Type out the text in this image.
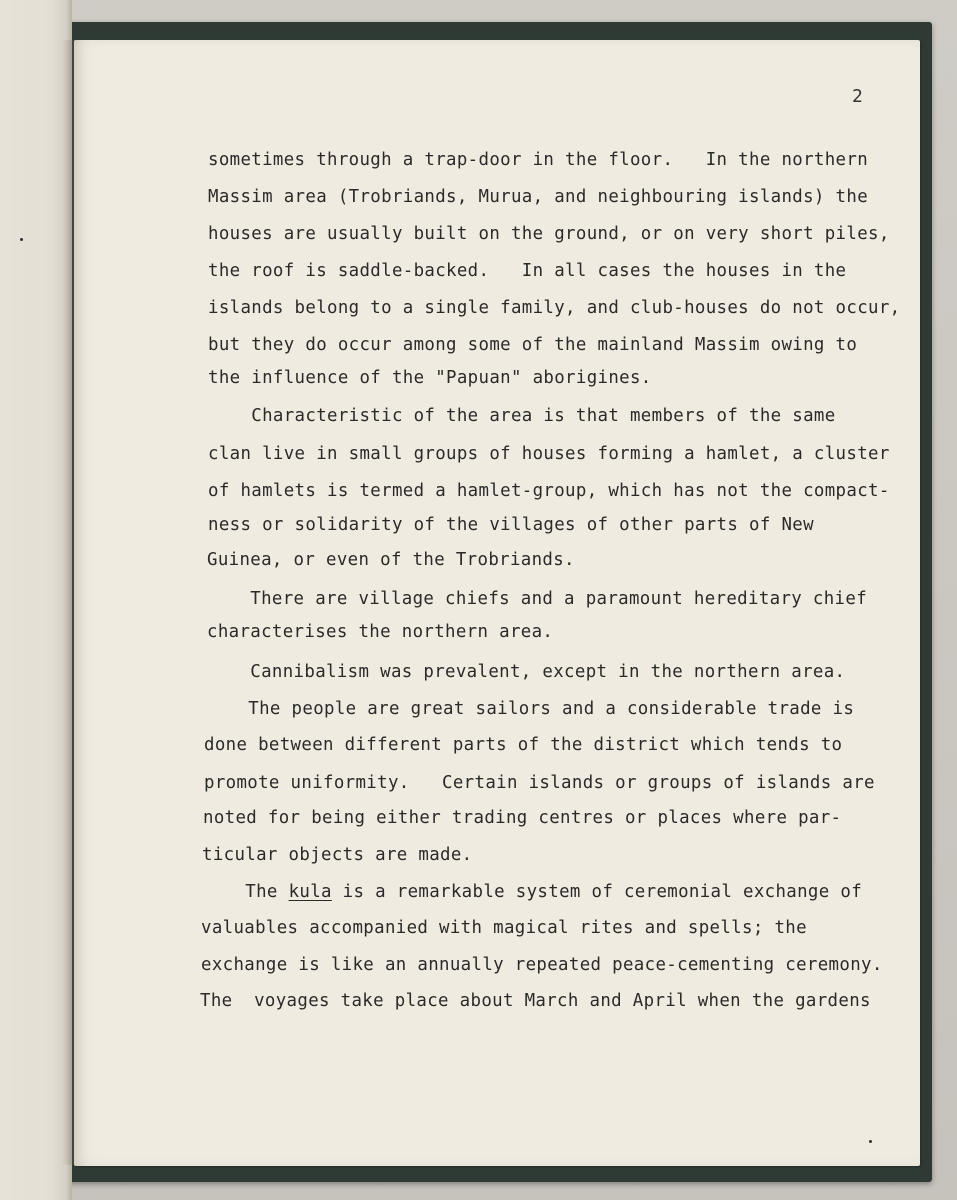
2
sometimes through a trap-door in the floor.   In the northern
Massim area (Trobriands, Murua, and neighbouring islands) the
houses are usually built on the ground, or on very short piles,
the roof is saddle-backed.   In all cases the houses in the
islands belong to a single family, and club-houses do not occur,
but they do occur among some of the mainland Massim owing to
the influence of the "Papuan" aborigines.
Characteristic of the area is that members of the same
clan live in small groups of houses forming a hamlet, a cluster
of hamlets is termed a hamlet-group, which has not the compact-
ness or solidarity of the villages of other parts of New
Guinea, or even of the Trobriands.
There are village chiefs and a paramount hereditary chief
characterises the northern area.
Cannibalism was prevalent, except in the northern area.
The people are great sailors and a considerable trade is
done between different parts of the district which tends to
promote uniformity.   Certain islands or groups of islands are
noted for being either trading centres or places where par-
ticular objects are made.
The kula is a remarkable system of ceremonial exchange of
valuables accompanied with magical rites and spells; the
exchange is like an annually repeated peace-cementing ceremony.
The  voyages take place about March and April when the gardens
